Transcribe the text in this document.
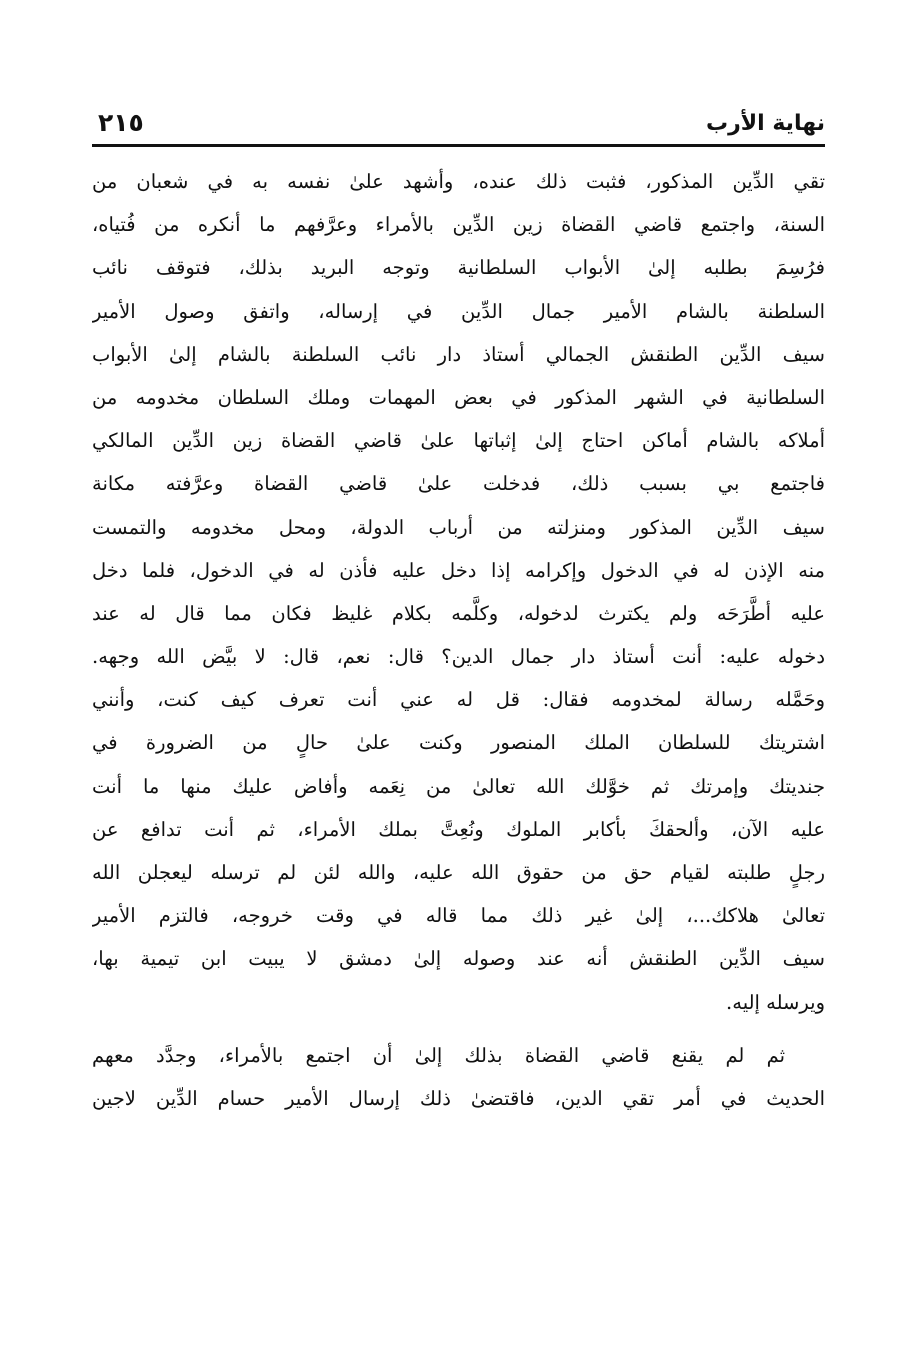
نهاية الأرب
٢١٥
تقي الدِّين المذكور، فثبت ذلك عنده، وأشهد علىٰ نفسه به في شعبان من
السنة، واجتمع قاضي القضاة زين الدِّين بالأمراء وعرَّفهم ما أنكره من فُتياه،
فرُسِمَ بطلبه إلىٰ الأبواب السلطانية وتوجه البريد بذلك، فتوقف نائب
السلطنة بالشام الأمير جمال الدِّين في إرساله، واتفق وصول الأمير
سيف الدِّين الطنقش الجمالي أستاذ دار نائب السلطنة بالشام إلىٰ الأبواب
السلطانية في الشهر المذكور في بعض المهمات وملك السلطان مخدومه من
أملاكه بالشام أماكن احتاج إلىٰ إثباتها علىٰ قاضي القضاة زين الدِّين المالكي
فاجتمع بي بسبب ذلك، فدخلت علىٰ قاضي القضاة وعرَّفته مكانة
سيف الدِّين المذكور ومنزلته من أرباب الدولة، ومحل مخدومه والتمست
منه الإذن له في الدخول وإكرامه إذا دخل عليه فأذن له في الدخول، فلما دخل
عليه أطَّرَحَه ولم يكترث لدخوله، وكلَّمه بكلام غليظ فكان مما قال له عند
دخوله عليه: أنت أستاذ دار جمال الدين؟ قال: نعم، قال: لا بيَّض الله وجهه.
وحَمَّله رسالة لمخدومه فقال: قل له عني أنت تعرف كيف كنت، وأنني
اشتريتك للسلطان الملك المنصور وكنت علىٰ حالٍ من الضرورة في
جنديتك وإمرتك ثم خوَّلك الله تعالىٰ من نِعَمه وأفاض عليك منها ما أنت
عليه الآن، وألحقكَ بأكابر الملوك ونُعِتَّ بملك الأمراء، ثم أنت تدافع عن
رجلٍ طلبته لقيام حق من حقوق الله عليه، والله لئن لم ترسله ليعجلن الله
تعالىٰ هلاكك...، إلىٰ غير ذلك مما قاله في وقت خروجه، فالتزم الأمير
سيف الدِّين الطنقش أنه عند وصوله إلىٰ دمشق لا يبيت ابن تيمية بها،
ويرسله إليه.
ثم لم يقنع قاضي القضاة بذلك إلىٰ أن اجتمع بالأمراء، وجدَّد معهم
الحديث في أمر تقي الدين، فاقتضىٰ ذلك إرسال الأمير حسام الدِّين لاجين
